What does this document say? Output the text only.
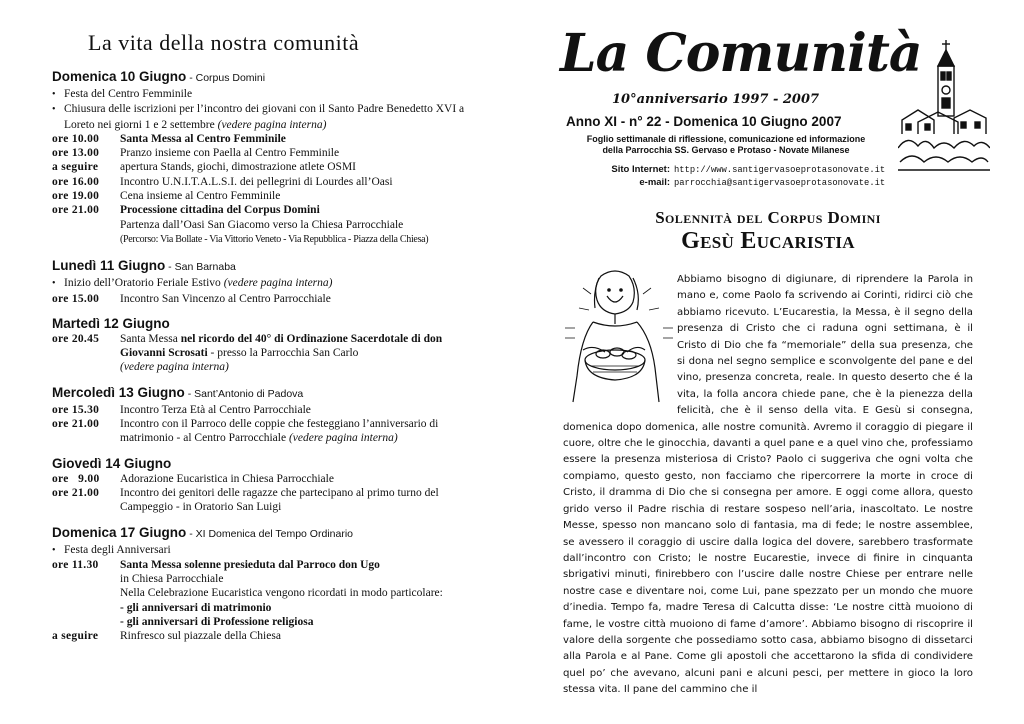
La vita della nostra comunità
Domenica 10 Giugno - Corpus Domini
• Festa del Centro Femminile
• Chiusura delle iscrizioni per l’incontro dei giovani con il Santo Padre Benedetto XVI a Loreto nei giorni 1 e 2 settembre (vedere pagina interna)
ore 10.00	Santa Messa al Centro Femminile
ore 13.00	Pranzo insieme con Paella al Centro Femminile
a seguire	apertura Stands, giochi, dimostrazione atlete OSMI
ore 16.00	Incontro U.N.I.T.A.L.S.I. dei pellegrini di Lourdes all’Oasi
ore 19.00	Cena insieme al Centro Femminile
ore 21.00	Processione cittadina del Corpus Domini
Partenza dall’Oasi San Giacomo verso la Chiesa Parrocchiale
(Percorso: Via Bollate - Via Vittorio Veneto - Via Repubblica - Piazza della Chiesa)
Lunedì 11 Giugno - San Barnaba
• Inizio dell’Oratorio Feriale Estivo (vedere pagina interna)
ore 15.00	Incontro San Vincenzo al Centro Parrocchiale
Martedì 12 Giugno
ore 20.45	Santa Messa nel ricordo del 40° di Ordinazione Sacerdotale di don Giovanni Scrosati - presso la Parrocchia San Carlo
(vedere pagina interna)
Mercoledì 13 Giugno - Sant’Antonio di Padova
ore 15.30	Incontro Terza Età al Centro Parrocchiale
ore 21.00	Incontro con il Parroco delle coppie che festeggiano l’anniversario di matrimonio - al Centro Parrocchiale (vedere pagina interna)
Giovedì 14 Giugno
ore   9.00	Adorazione Eucaristica in Chiesa Parrocchiale
ore 21.00	Incontro dei genitori delle ragazze che partecipano al primo turno del Campeggio - in Oratorio San Luigi
Domenica 17 Giugno - XI Domenica del Tempo Ordinario
• Festa degli Anniversari
ore 11.30	Santa Messa solenne presieduta dal Parroco don Ugo
in Chiesa Parrocchiale
Nella Celebrazione Eucaristica vengono ricordati in modo particolare:
- gli anniversari di matrimonio
- gli anniversari di Professione religiosa
a seguire	Rinfresco sul piazzale della Chiesa
La Comunità
10°anniversario 1997 - 2007
Anno XI - n° 22 - Domenica 10 Giugno 2007
Foglio settimanale di riflessione, comunicazione ed informazione
della Parrocchia SS. Gervaso e Protaso - Novate Milanese
Sito Internet: http://www.santigervasoeprotasonovate.it
e-mail: parrocchia@santigervasoeprotasonovate.it
Solennità del Corpus Domini
Gesù Eucaristia
Abbiamo bisogno di digiunare, di riprendere la Parola in mano e, come Paolo fa scrivendo ai Corinti, ridirci ciò che abbiamo ricevuto. L’Eucarestia, la Messa, è il segno della presenza di Cristo che ci raduna ogni settimana, è il Cristo di Dio che fa “memoriale” della sua presenza, che si dona nel segno semplice e sconvolgente del pane e del vino, presenza concreta, reale. In questo deserto che é la vita, la folla ancora chiede pane, che è la pienezza della felicità, che è il senso della vita. E Gesù si consegna, domenica dopo domenica, alle nostre comunità. Avremo il coraggio di piegare il cuore, oltre che le ginocchia, davanti a quel pane e a quel vino che, professiamo essere la presenza misteriosa di Cristo? Paolo ci suggeriva che ogni volta che compiamo, questo gesto, non facciamo che ripercorrere la morte in croce di Cristo, il dramma di Dio che si consegna per amore. E oggi come allora, questo grido verso il Padre rischia di restare sospeso nell’aria, inascoltato. Le nostre Messe, spesso non mancano solo di fantasia, ma di fede; le nostre assemblee, se avessero il coraggio di uscire dalla logica del dovere, sarebbero trasformate dall’incontro con Cristo; le nostre Eucarestie, invece di finire in cinquanta sbrigativi minuti, finirebbero con l’uscire dalle nostre Chiese per entrare nelle nostre case e diventare noi, come Lui, pane spezzato per un mondo che muore d’inedia. Tempo fa, madre Teresa di Calcutta disse: ‘Le nostre città muoiono di fame, le vostre città muoiono di fame d’amore’. Abbiamo bisogno di riscoprire il valore della sorgente che possediamo sotto casa, abbiamo bisogno di dissetarci alla Parola e al Pane. Come gli apostoli che accettarono la sfida di condividere quel po’ che avevano, alcuni pani e alcuni pesci, per mettere in gioco la loro stessa vita. Il pane del cammino che il
